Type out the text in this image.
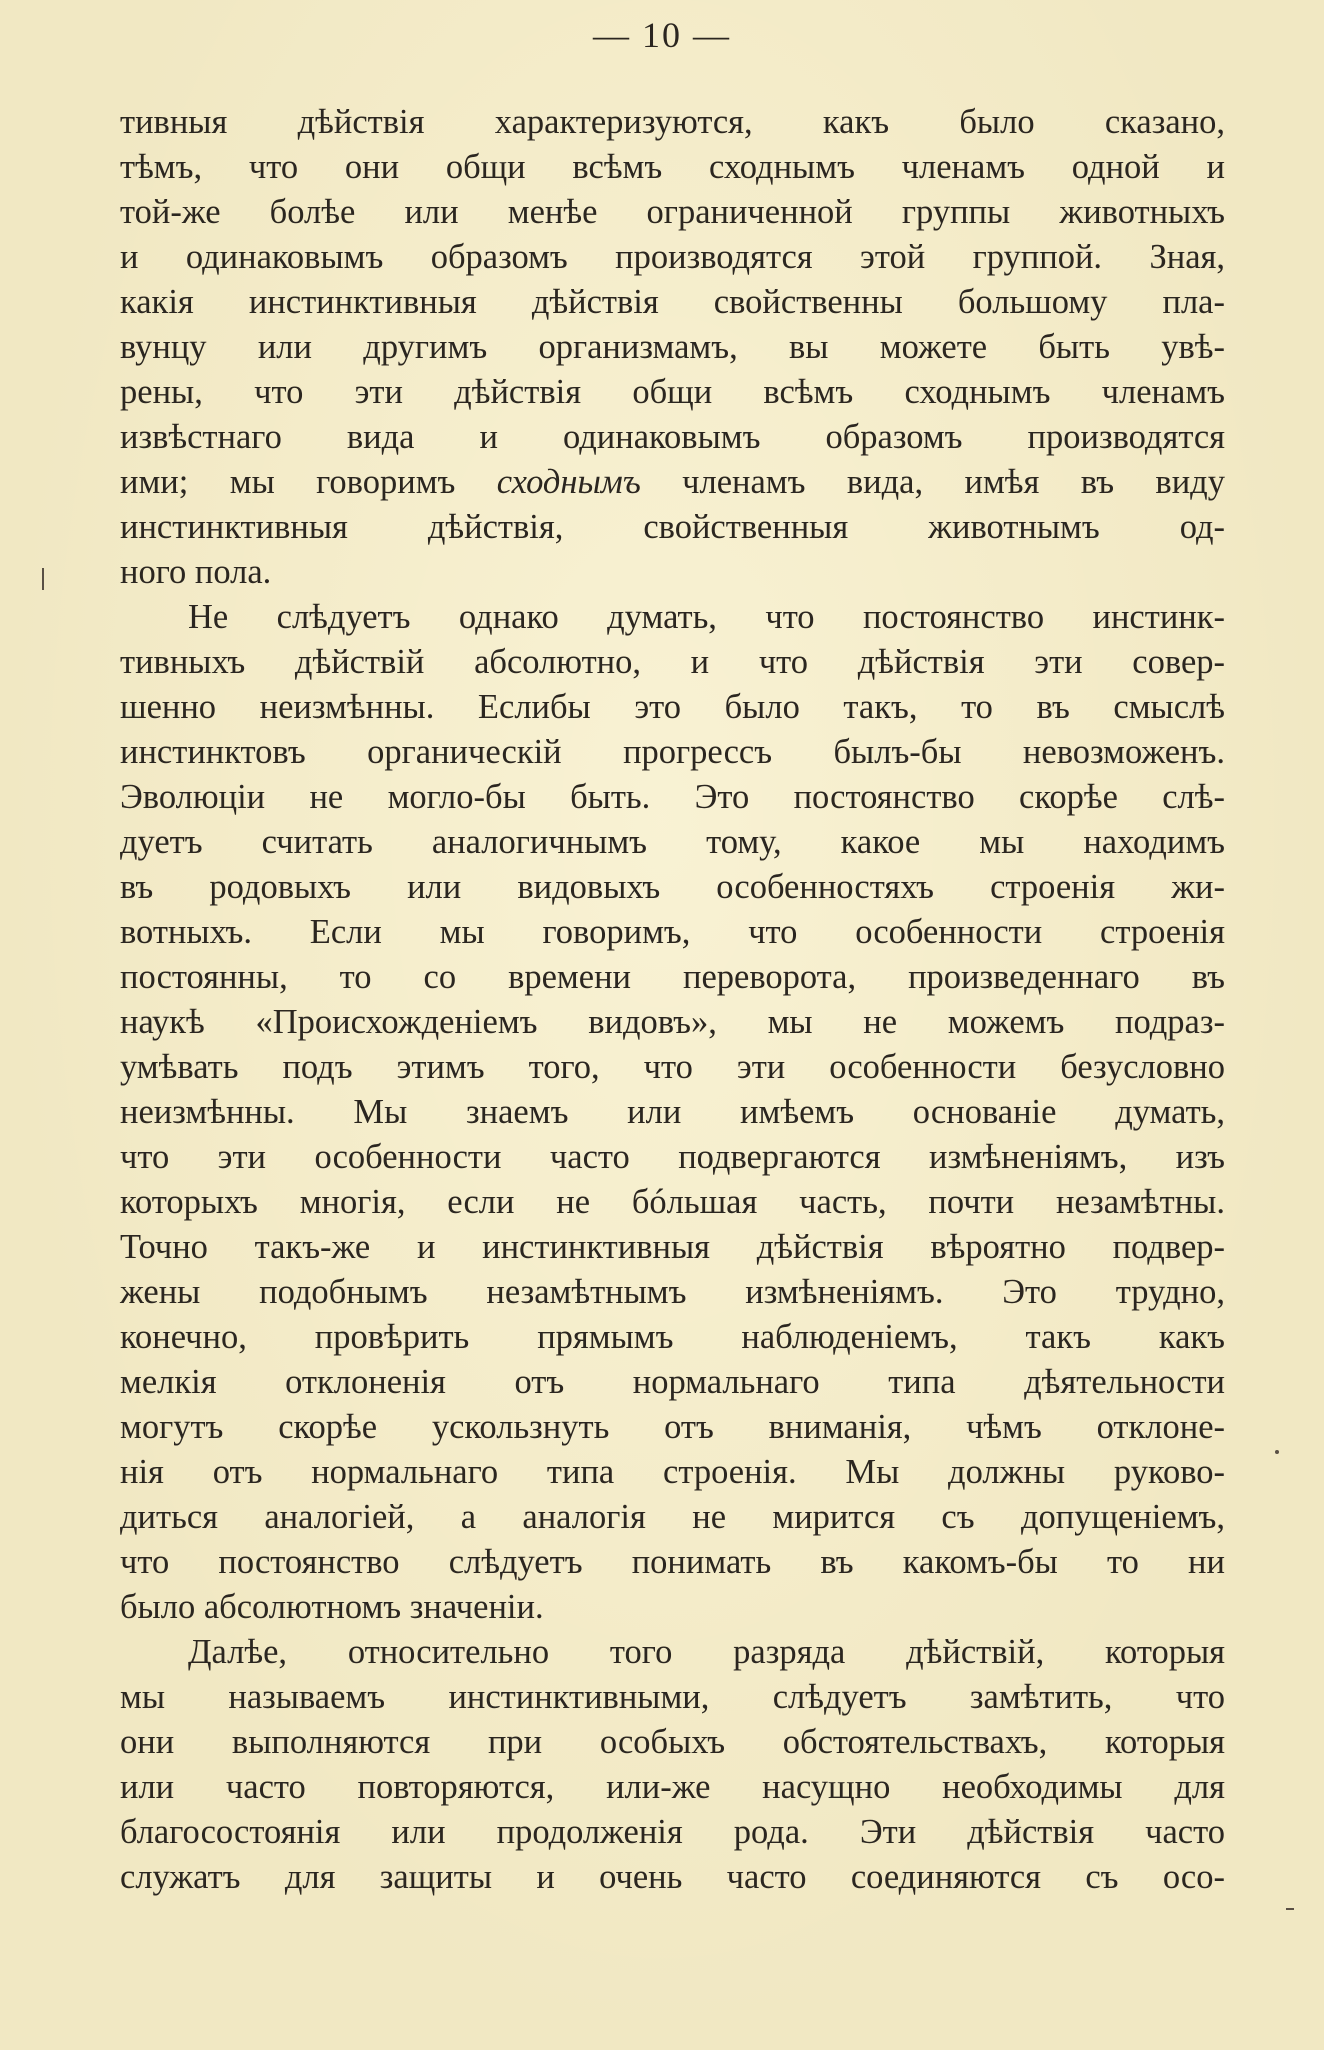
— 10 —
тивныя дѣйствія характеризуются, какъ было сказано,
тѣмъ, что они общи всѣмъ сходнымъ членамъ одной и
той-же болѣе или менѣе ограниченной группы животныхъ
и одинаковымъ образомъ производятся этой группой. Зная,
какія инстинктивныя дѣйствія свойственны большому пла-
вунцу или другимъ организмамъ, вы можете быть увѣ-
рены, что эти дѣйствія общи всѣмъ сходнымъ членамъ
извѣстнаго вида и одинаковымъ образомъ производятся
ими; мы говоримъ сходнымъ членамъ вида, имѣя въ виду
инстинктивныя дѣйствія, свойственныя животнымъ од-
ного пола.
Не слѣдуетъ однако думать, что постоянство инстинк-
тивныхъ дѣйствій абсолютно, и что дѣйствія эти совер-
шенно неизмѣнны. Еслибы это было такъ, то въ смыслѣ
инстинктовъ органическій прогрессъ былъ-бы невозможенъ.
Эволюціи не могло-бы быть. Это постоянство скорѣе слѣ-
дуетъ считать аналогичнымъ тому, какое мы находимъ
въ родовыхъ или видовыхъ особенностяхъ строенія жи-
вотныхъ. Если мы говоримъ, что особенности строенія
постоянны, то со времени переворота, произведеннаго въ
наукѣ «Происхожденіемъ видовъ», мы не можемъ подраз-
умѣвать подъ этимъ того, что эти особенности безусловно
неизмѣнны. Мы знаемъ или имѣемъ основаніе думать,
что эти особенности часто подвергаются измѣненіямъ, изъ
которыхъ многія, если не бóльшая часть, почти незамѣтны.
Точно такъ-же и инстинктивныя дѣйствія вѣроятно подвер-
жены подобнымъ незамѣтнымъ измѣненіямъ. Это трудно,
конечно, провѣрить прямымъ наблюденіемъ, такъ какъ
мелкія отклоненія отъ нормальнаго типа дѣятельности
могутъ скорѣе ускользнуть отъ вниманія, чѣмъ отклоне-
нія отъ нормальнаго типа строенія. Мы должны руково-
диться аналогіей, а аналогія не мирится съ допущеніемъ,
что постоянство слѣдуетъ понимать въ какомъ-бы то ни
было абсолютномъ значеніи.
Далѣе, относительно того разряда дѣйствій, которыя
мы называемъ инстинктивными, слѣдуетъ замѣтить, что
они выполняются при особыхъ обстоятельствахъ, которыя
или часто повторяются, или-же насущно необходимы для
благосостоянія или продолженія рода. Эти дѣйствія часто
служатъ для защиты и очень часто соединяются съ осо-
